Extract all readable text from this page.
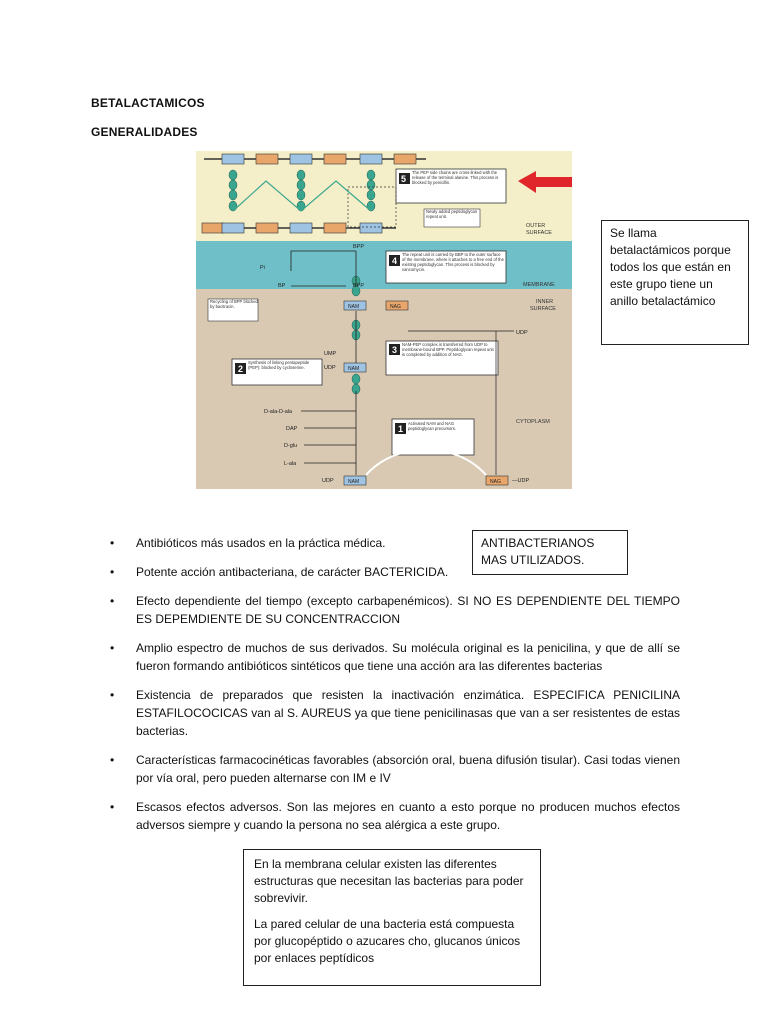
BETALACTAMICOS
GENERALIDADES
5
The PEP side chains are cross-linked with the release of the terminal alanine. This process is blocked by penicillin.
Newly added peptidoglycan repeat unit.
OUTER
SURFACE
BPP
Pi
BP	BPP	MEMBRANE
4
The repeat unit is carried by BBP to the outer surface of the membrane, where it attaches to a free end of the existing peptidoglycan. This process is blocked by vancomycin.
NAM	NAG
INNER
SURFACE
Recycling of BPP blocked by bacitracin.
3
NAM-PEP complex is transferred from UDP to membrane-bound BPP. Peptidoglycan repeat unit is completed by addition of NAG.
UDP
UMP
UDP NAM
2
Synthesis of linking pentapeptide (PEP): blocked by cycloserine.
D-ala-D-ala
DAP
D-glu
L-ala
CYTOPLASM
1
Activated NAM and NAG peptidoglycan precursors.
UDP	NAM	NAG —UDP
Se llama betalactámicos porque todos los que están en este grupo tiene un anillo betalactámico
ANTIBACTERIANOS MAS UTILIZADOS.
• Antibióticos más usados en la práctica médica.
• Potente acción antibacteriana, de carácter BACTERICIDA.
• Efecto dependiente del tiempo (excepto carbapenémicos). SI NO ES DEPENDIENTE DEL TIEMPO ES DEPEMDIENTE DE SU CONCENTRACCION
• Amplio espectro de muchos de sus derivados. Su molécula original es la penicilina, y que de allí se fueron formando antibióticos sintéticos que tiene una acción ara las diferentes bacterias
• Existencia de preparados que resisten la inactivación enzimática. ESPECIFICA PENICILINA ESTAFILOCOCICAS van al S. AUREUS ya que tiene penicilinasas que van a ser resistentes de estas bacterias.
• Características farmacocinéticas favorables (absorción oral, buena difusión tisular). Casi todas vienen por vía oral, pero pueden alternarse con IM e IV
• Escasos efectos adversos. Son las mejores en cuanto a esto porque no producen muchos efectos adversos siempre y cuando la persona no sea alérgica a este grupo.

En la membrana celular existen las diferentes estructuras que necesitan las bacterias para poder sobrevivir.

La pared celular de una bacteria está compuesta por glucopéptido o azucares cho, glucanos únicos por enlaces peptídicos
